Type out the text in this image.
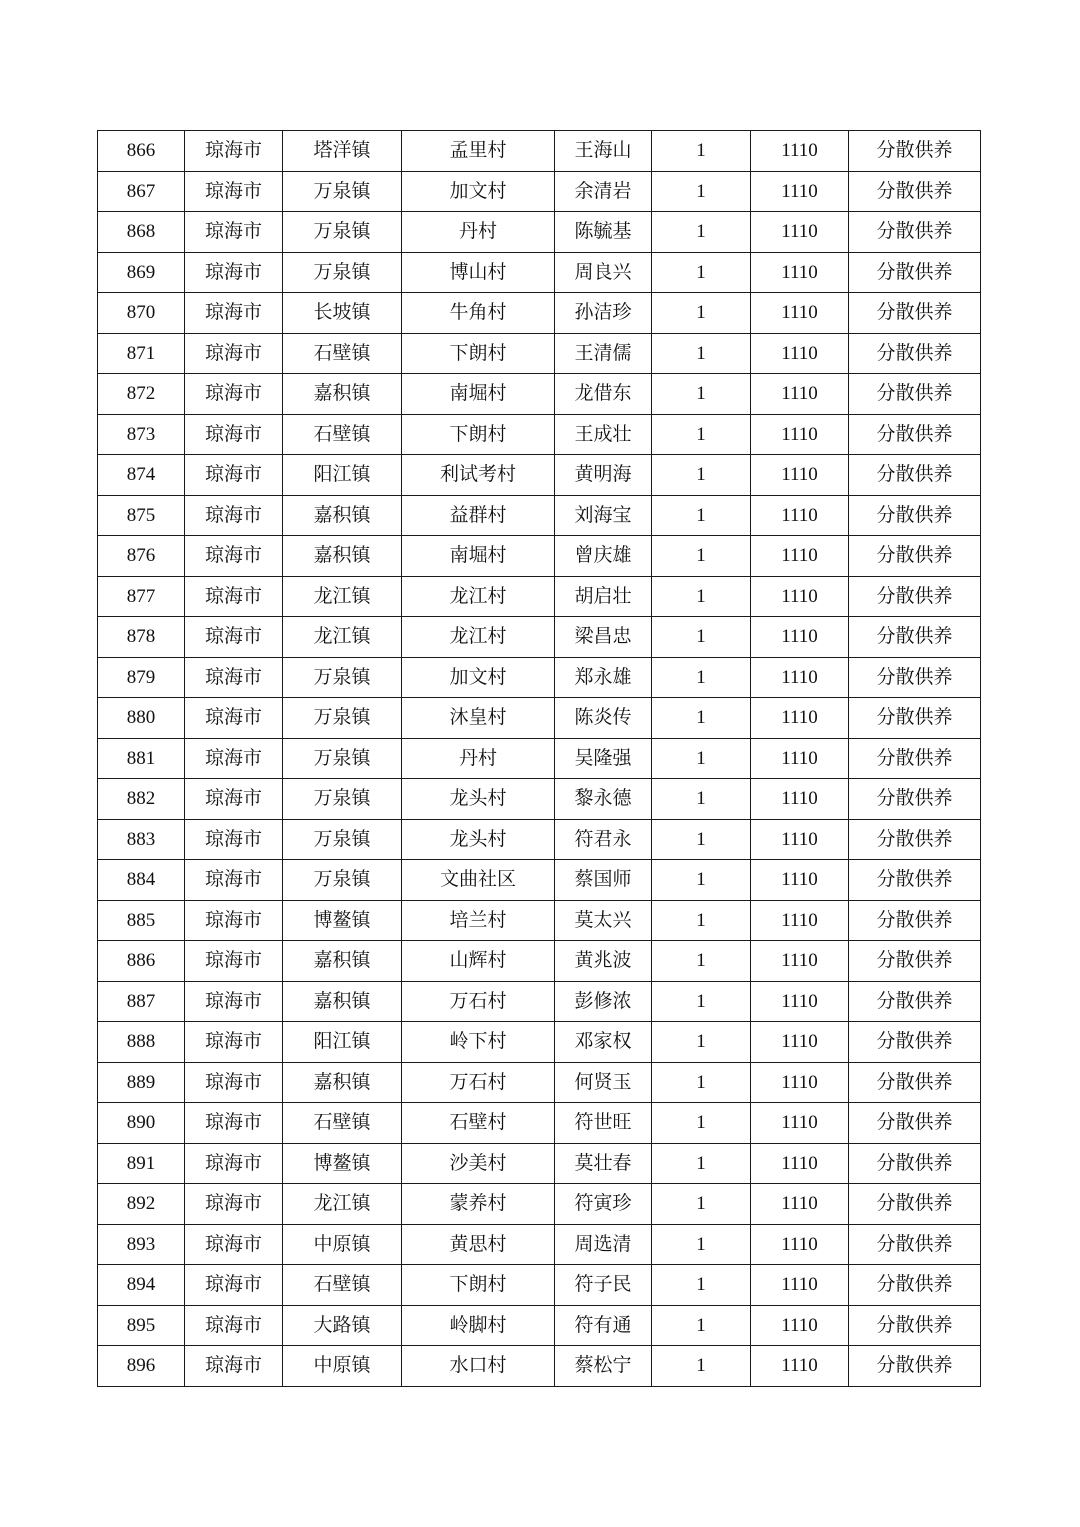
866	琼海市	塔洋镇	孟里村	王海山	1	1110	分散供养
867	琼海市	万泉镇	加文村	余清岩	1	1110	分散供养
868	琼海市	万泉镇	丹村	陈毓基	1	1110	分散供养
869	琼海市	万泉镇	博山村	周良兴	1	1110	分散供养
870	琼海市	长坡镇	牛角村	孙洁珍	1	1110	分散供养
871	琼海市	石壁镇	下朗村	王清儒	1	1110	分散供养
872	琼海市	嘉积镇	南堀村	龙借东	1	1110	分散供养
873	琼海市	石壁镇	下朗村	王成壮	1	1110	分散供养
874	琼海市	阳江镇	利试考村	黄明海	1	1110	分散供养
875	琼海市	嘉积镇	益群村	刘海宝	1	1110	分散供养
876	琼海市	嘉积镇	南堀村	曾庆雄	1	1110	分散供养
877	琼海市	龙江镇	龙江村	胡启壮	1	1110	分散供养
878	琼海市	龙江镇	龙江村	梁昌忠	1	1110	分散供养
879	琼海市	万泉镇	加文村	郑永雄	1	1110	分散供养
880	琼海市	万泉镇	沐皇村	陈炎传	1	1110	分散供养
881	琼海市	万泉镇	丹村	吴隆强	1	1110	分散供养
882	琼海市	万泉镇	龙头村	黎永德	1	1110	分散供养
883	琼海市	万泉镇	龙头村	符君永	1	1110	分散供养
884	琼海市	万泉镇	文曲社区	蔡国师	1	1110	分散供养
885	琼海市	博鳌镇	培兰村	莫太兴	1	1110	分散供养
886	琼海市	嘉积镇	山辉村	黄兆波	1	1110	分散供养
887	琼海市	嘉积镇	万石村	彭修浓	1	1110	分散供养
888	琼海市	阳江镇	岭下村	邓家权	1	1110	分散供养
889	琼海市	嘉积镇	万石村	何贤玉	1	1110	分散供养
890	琼海市	石壁镇	石壁村	符世旺	1	1110	分散供养
891	琼海市	博鳌镇	沙美村	莫壮春	1	1110	分散供养
892	琼海市	龙江镇	蒙养村	符寅珍	1	1110	分散供养
893	琼海市	中原镇	黄思村	周选清	1	1110	分散供养
894	琼海市	石壁镇	下朗村	符子民	1	1110	分散供养
895	琼海市	大路镇	岭脚村	符有通	1	1110	分散供养
896	琼海市	中原镇	水口村	蔡松宁	1	1110	分散供养
